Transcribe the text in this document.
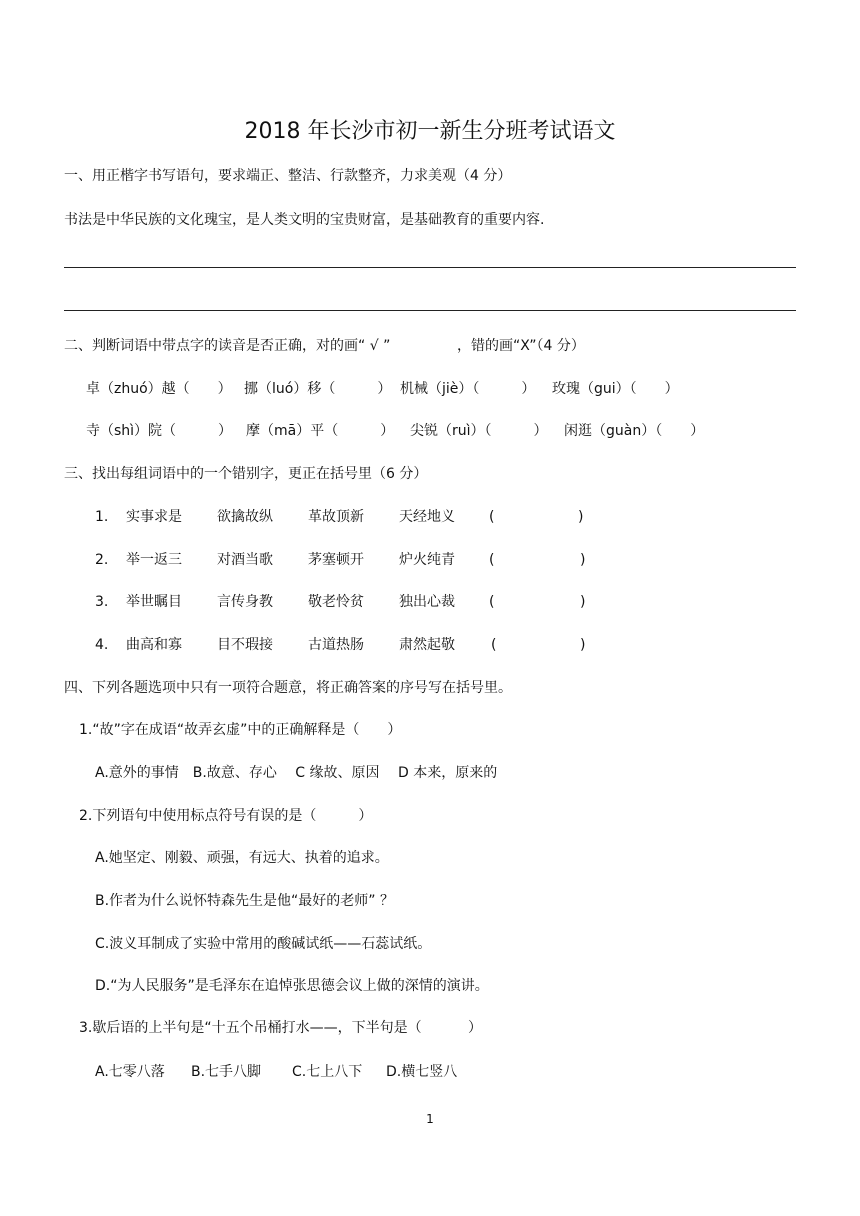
2018 年长沙市初一新生分班考试语文
一、用正楷字书写语句，要求端正、整洁、行款整齐，力求美观（4 分）
书法是中华民族的文化瑰宝，是人类文明的宝贵财富，是基础教育的重要内容.
二、判断词语中带点字的读音是否正确，对的画“ √ ”	，错的画“X”（4 分）
卓（zhuó）越（　　） 挪（luó）移（　　　） 机械（jiè）（　　　） 玫瑰（gui）（　　）
寺（shì）院（　　　） 摩（mā）平（　　　） 尖锐（ruì）（　　　） 闲逛（guàn）（　　）
三、找出每组词语中的一个错别字，更正在括号里（6 分）
1. 实事求是	欲擒故纵	革故顶新	天经地义 (	)
2. 举一返三	对酒当歌	茅塞顿开	炉火纯青 (	)
3. 举世瞩目	言传身教	敬老怜贫	独出心裁 (	)
4. 曲高和寡	目不瑕接	古道热肠	肃然起敬	(	)
四、下列各题选项中只有一项符合题意，将正确答案的序号写在括号里。
1.“故”字在成语“故弄玄虚”中的正确解释是（　　）
A.意外的事情　B.故意、存心　 C 缘故、原因　 D 本来，原来的
2.下列语句中使用标点符号有误的是（　　　）
A.她坚定、刚毅、顽强，有远大、执着的追求。
B.作者为什么说怀特森先生是他“最好的老师” ？
C.波义耳制成了实验中常用的酸碱试纸——石蕊试纸。
D.“为人民服务”是毛泽东在追悼张思德会议上做的深情的演讲。
3.歇后语的上半句是“十五个吊桶打水——，下半句是（　　　 ）
A.七零八落 B.七手八脚 C.七上八下 D.横七竖八
1
